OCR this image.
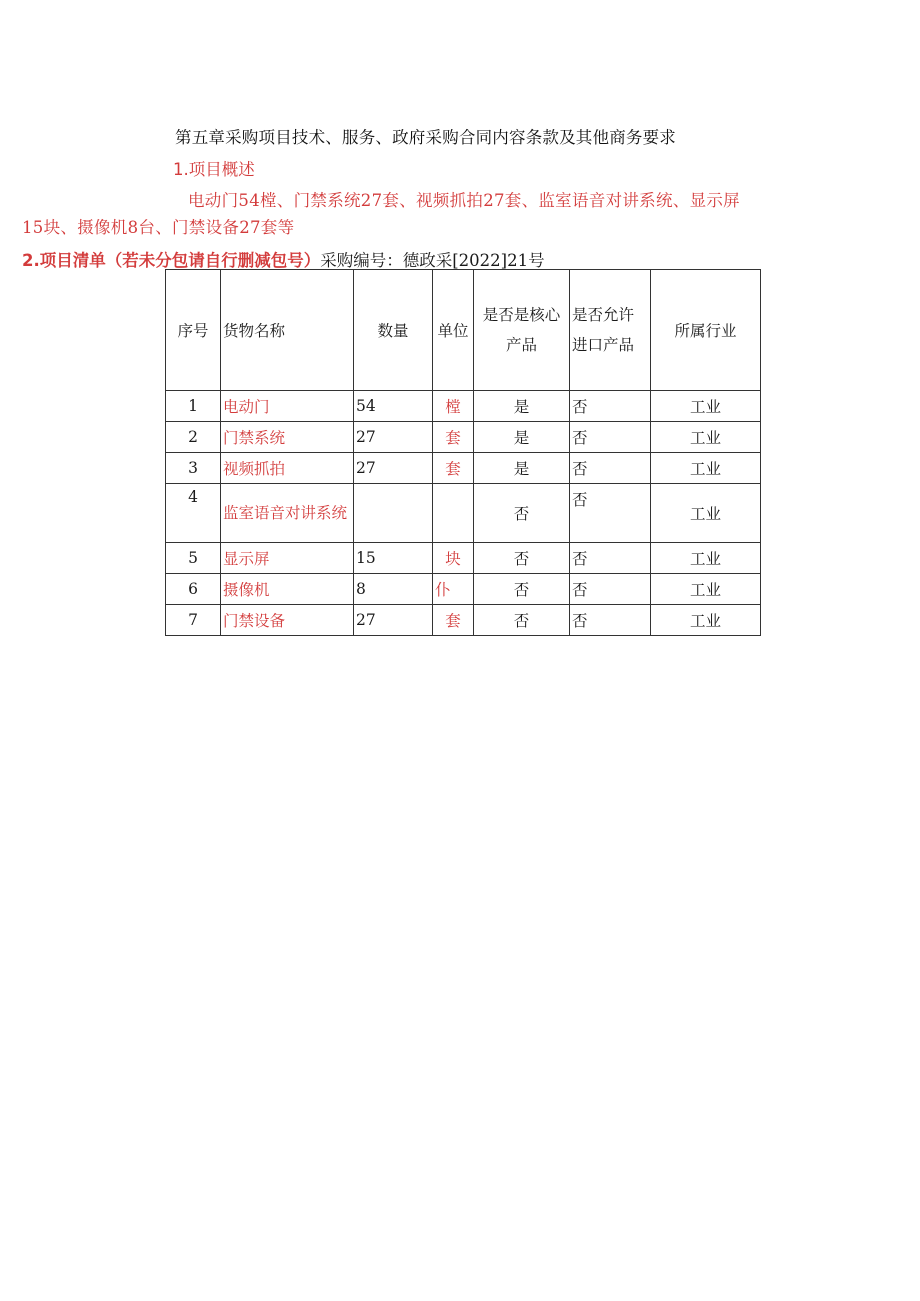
第五章采购项目技术、服务、政府采购合同内容条款及其他商务要求
1.项目概述
电动门54樘、门禁系统27套、视频抓拍27套、监室语音对讲系统、显示屏15块、摄像机8台、门禁设备27套等
2.项目清单（若未分包请自行删减包号）采购编号：德政采[2022]21号
序号	货物名称	数量	单位	是否是核心产品	是否允许进口产品	所属行业
1	电动门	54	樘	是	否	工业
2	门禁系统	27	套	是	否	工业
3	视频抓拍	27	套	是	否	工业
4	监室语音对讲系统			否	否	工业
5	显示屏	15	块	否	否	工业
6	摄像机	8	仆	否	否	工业
7	门禁设备	27	套	否	否	工业
